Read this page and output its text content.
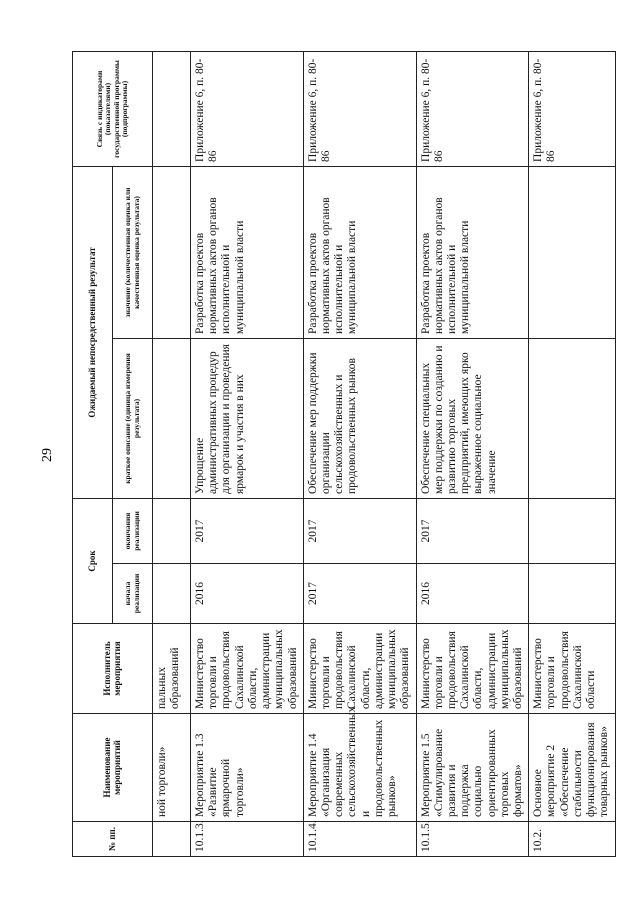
29
№ пп.	Наименование мероприятий	Исполнитель мероприятия	Срок		Ожидаемый непосредственный результат		Связь с индикаторами (показателями) государственной программы (подпрограммы)
			начала реализации	окончания реализации	краткое описание (единица измерения результата)	значение (количественная оценка или качественная оценка результата)	
	ной торговли»	пальных образований					
10.1.3.	Мероприятие 1.3 «Развитие ярмарочной торговли»	Министерство торговли и продовольствия Сахалинской области, администрации муниципальных образований	2016	2017	Упрощение административных процедур для организации и проведения ярмарок и участия в них	Разработка проектов нормативных актов органов исполнительной и муниципальной власти	Приложение 6, п. 80-86
10.1.4.	Мероприятие 1.4 «Организация современных сельскохозяйственных и продовольственных рынков»	Министерство торговли и продовольствия Сахалинской области, администрации муниципальных образований	2017	2017	Обеспечение мер поддержки организации сельскохозяйственных и продовольственных рынков	Разработка проектов нормативных актов органов исполнительной и муниципальной власти	Приложение 6, п. 80-86
10.1.5.	Мероприятие 1.5 «Стимулирование развития и поддержка социально ориентированных торговых форматов»	Министерство торговли и продовольствия Сахалинской области, администрации муниципальных образований	2016	2017	Обеспечение специальных мер поддержки по созданию и развитию торговых предприятий, имеющих ярко выраженное социальное значение	Разработка проектов нормативных актов органов исполнительной и муниципальной власти	Приложение 6, п. 80-86
10.2.	Основное мероприятие 2 «Обеспечение стабильности функционирования товарных рынков»	Министерство торговли и продовольствия Сахалинской области					Приложение 6, п. 80-86
